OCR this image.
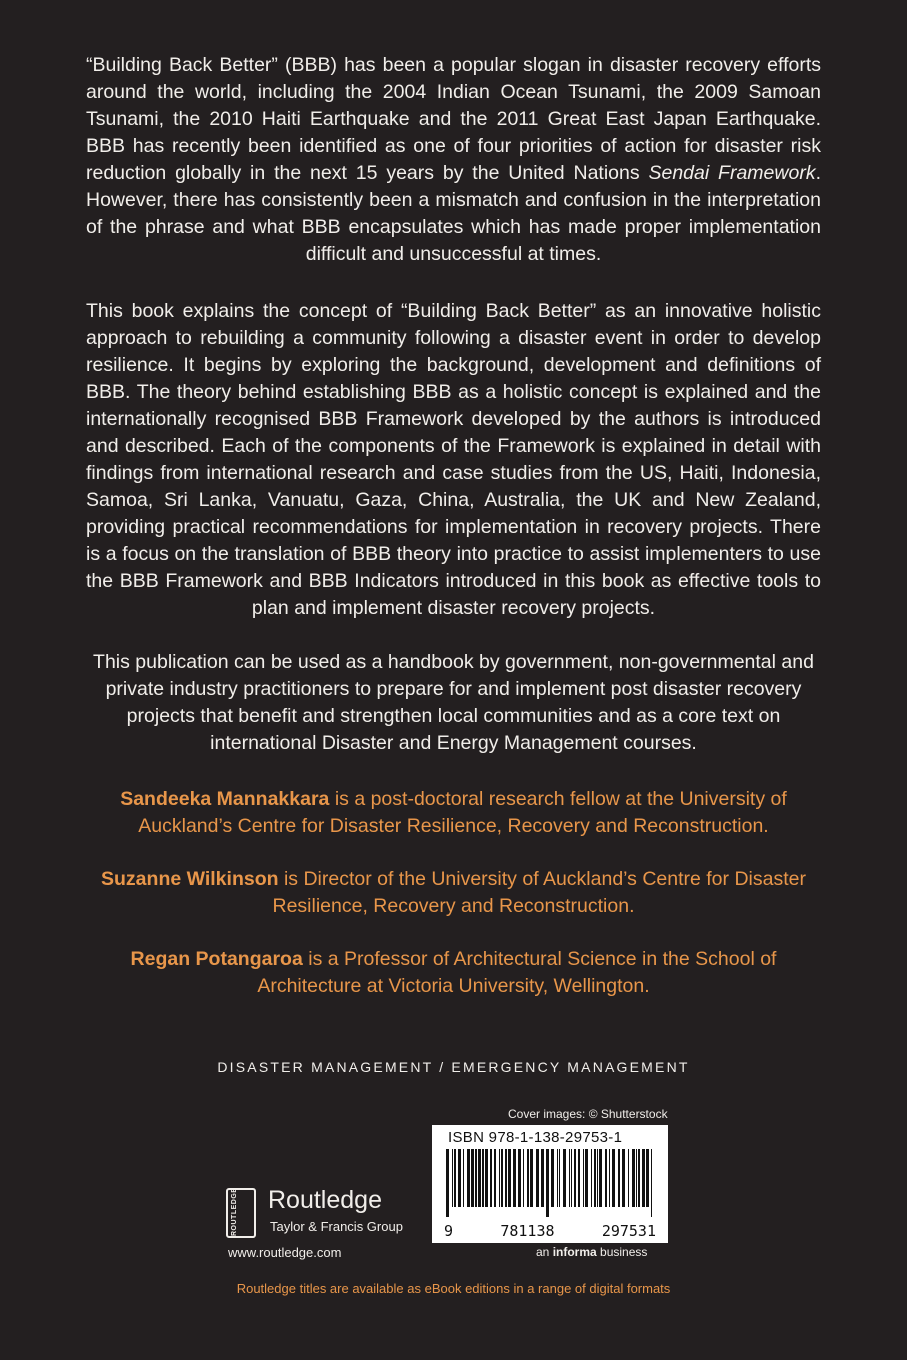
“Building Back Better” (BBB) has been a popular slogan in disaster recovery efforts around the world, including the 2004 Indian Ocean Tsunami, the 2009 Samoan Tsunami, the 2010 Haiti Earthquake and the 2011 Great East Japan Earthquake. BBB has recently been identified as one of four priorities of action for disaster risk reduction globally in the next 15 years by the United Nations Sendai Framework. However, there has consistently been a mismatch and confusion in the interpretation of the phrase and what BBB encapsulates which has made proper implementation difficult and unsuccessful at times.

This book explains the concept of “Building Back Better” as an innovative holistic approach to rebuilding a community following a disaster event in order to develop resilience. It begins by exploring the background, development and definitions of BBB. The theory behind establishing BBB as a holistic concept is explained and the internationally recognised BBB Framework developed by the authors is introduced and described. Each of the components of the Framework is explained in detail with findings from international research and case studies from the US, Haiti, Indonesia, Samoa, Sri Lanka, Vanuatu, Gaza, China, Australia, the UK and New Zealand, providing practical recommendations for implementation in recovery projects. There is a focus on the translation of BBB theory into practice to assist implementers to use the BBB Framework and BBB Indicators introduced in this book as effective tools to plan and implement disaster recovery projects.

This publication can be used as a handbook by government, non-governmental and private industry practitioners to prepare for and implement post disaster recovery projects that benefit and strengthen local communities and as a core text on international Disaster and Energy Management courses.

Sandeeka Mannakkara is a post-doctoral research fellow at the University of Auckland’s Centre for Disaster Resilience, Recovery and Reconstruction.

Suzanne Wilkinson is Director of the University of Auckland’s Centre for Disaster Resilience, Recovery and Reconstruction.

Regan Potangaroa is a Professor of Architectural Science in the School of Architecture at Victoria University, Wellington.

DISASTER MANAGEMENT / EMERGENCY MANAGEMENT
Cover images: © Shutterstock
ISBN 978-1-138-29753-1
9	781138	297531
an informa business
ROUTLEDGE	Routledge
Taylor & Francis Group
www.routledge.com
Routledge titles are available as eBook editions in a range of digital formats
